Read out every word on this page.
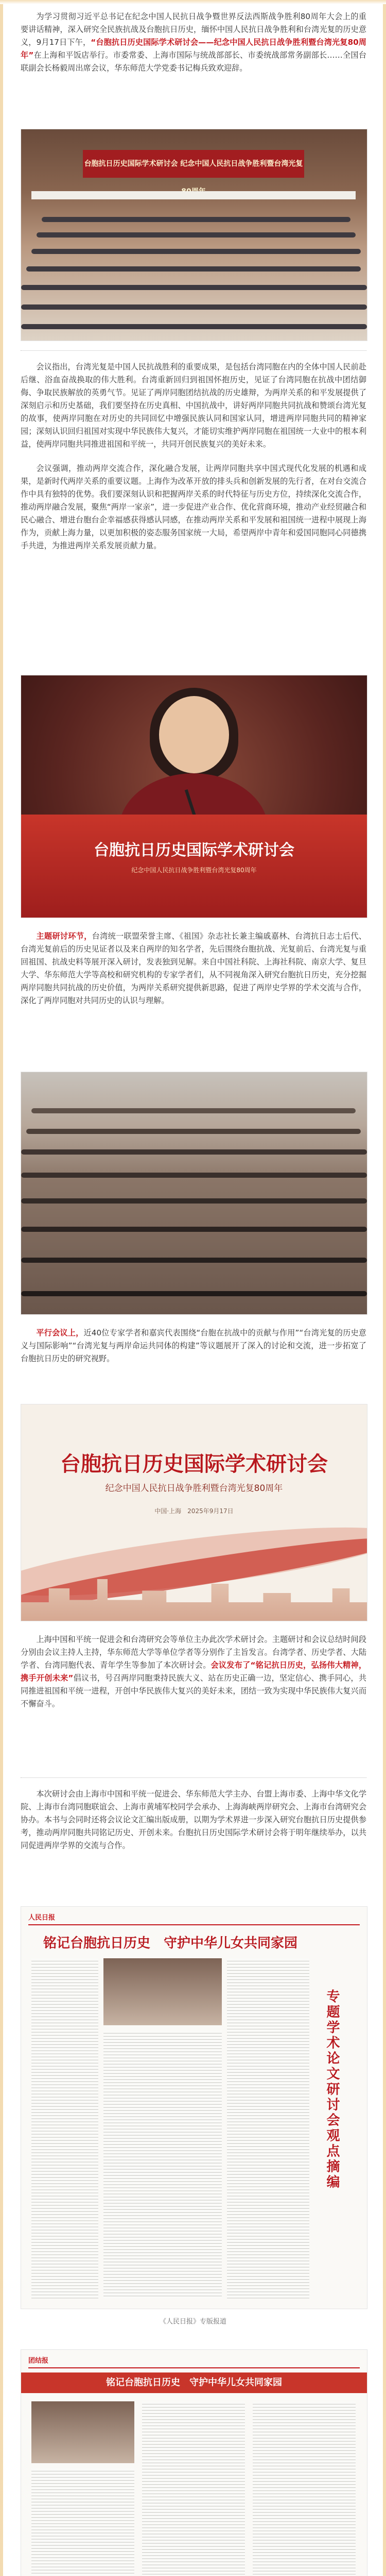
为学习贯彻习近平总书记在纪念中国人民抗日战争暨世界反法西斯战争胜利80周年大会上的重要讲话精神，深入研究全民族抗战及台胞抗日历史，缅怀中国人民抗日战争胜利和台湾光复的历史意义，9月17日下午，“台胞抗日历史国际学术研讨会——纪念中国人民抗日战争胜利暨台湾光复80周年”在上海和平饭店举行。市委常委、上海市国际与统战部部长、市委统战部常务副部长……全国台联副会长杨毅周出席会议，华东师范大学党委书记梅兵致欢迎辞。

台胞抗日历史国际学术研讨会 纪念中国人民抗日战争胜利暨台湾光复

会议指出，台湾光复是中国人民抗战胜利的重要成果，是包括台湾同胞在内的全体中国人民前赴后继、浴血奋战换取的伟大胜利。台湾重新回归到祖国怀抱历史，见证了台湾同胞在抗战中团结御侮、争取民族解放的英勇气节。见证了两岸同胞团结抗战的历史雄辩，为两岸关系的和平发展提供了深刻启示和历史基础，我们要坚持在历史真相、中国抗战中，讲好两岸同胞共同抗战和赞颂台湾光复的故事，使两岸同胞在对历史的共同回忆中增强民族认同和国家认同，增进两岸同胞共同的精神家园；深刻认识回归祖国对实现中华民族伟大复兴，才能切实维护两岸同胞在祖国统一大业中的根本利益，使两岸同胞共同推进祖国和平统一，共同开创民族复兴的美好未来。

会议强调，推动两岸交流合作，深化融合发展，让两岸同胞共享中国式现代化发展的机遇和成果，是新时代两岸关系的重要议题。上海作为改革开放的排头兵和创新发展的先行者，在对台交流合作中具有独特的优势。我们要深刻认识和把握两岸关系的时代特征与历史方位，持续深化交流合作，推动两岸融合发展，聚焦“两岸一家亲”，进一步促进产业合作、优化营商环境，推动产业经贸融合和民心融合、增进台胞台企幸福感获得感认同感，在推动两岸关系和平发展和祖国统一进程中展现上海作为，贡献上海力量，以更加积极的姿态服务国家统一大局，希望两岸中青年和爱国同胞同心同德携手共进，为推进两岸关系发展贡献力量。

台胞抗日历史国际学术研讨会
纪念中国人民抗日战争胜利暨台湾光复80周年

主题研讨环节，台湾统一联盟荣誉主席、《祖国》杂志社长兼主编戚嘉林、台湾抗日志士后代、台湾光复前后的历史见证者以及来自两岸的知名学者，先后围绕台胞抗战、光复前后、台湾光复与重回祖国、抗战史料等展开深入研讨，发表独到见解。来自中国社科院、上海社科院、南京大学、复旦大学、华东师范大学等高校和研究机构的专家学者们，从不同视角深入研究台胞抗日历史，充分挖掘两岸同胞共同抗战的历史价值，为两岸关系研究提供新思路，促进了两岸史学界的学术交流与合作，深化了两岸同胞对共同历史的认识与理解。

平行会议上，近40位专家学者和嘉宾代表围绕“台胞在抗战中的贡献与作用”“台湾光复的历史意义与国际影响”“台湾光复与两岸命运共同体的构建”等议题展开了深入的讨论和交流，进一步拓宽了台胞抗日历史的研究视野。

台胞抗日历史国际学术研讨会
纪念中国人民抗日战争胜利暨台湾光复80周年
中国·上海　2025年9月17日

上海中国和平统一促进会和台湾研究会等单位主办此次学术研讨会。主题研讨和会议总结时间段分别由会议主持人主持，华东师范大学等单位学者等分别作了主旨发言。台湾学者、历史学者、大陆学者、台湾同胞代表、青年学生等参加了本次研讨会。会议发布了“铭记抗日历史，弘扬伟大精神，携手开创未来”倡议书，号召两岸同胞秉持民族大义、站在历史正确一边，坚定信心、携手同心，共同推进祖国和平统一进程，开创中华民族伟大复兴的美好未来，团结一致为实现中华民族伟大复兴而不懈奋斗。

本次研讨会由上海市中国和平统一促进会、华东师范大学主办、台盟上海市委、上海中华文化学院、上海市台湾同胞联谊会、上海市黄埔军校同学会承办、上海海峡两岸研究会、上海市台湾研究会协办。本书与会同时还将会议论文汇编出版成册，以期为学术界进一步深入研究台胞抗日历史提供参考，推动两岸同胞共同铭记历史、开创未来。台胞抗日历史国际学术研讨会将于明年继续举办，以共同促进两岸学界的交流与合作。

人民日报
铭记台胞抗日历史　守护中华儿女共同家园
专题学术论文研讨会观点摘编
《人民日报》专版报道
团结报
铭记台胞抗日历史　守护中华儿女共同家园
